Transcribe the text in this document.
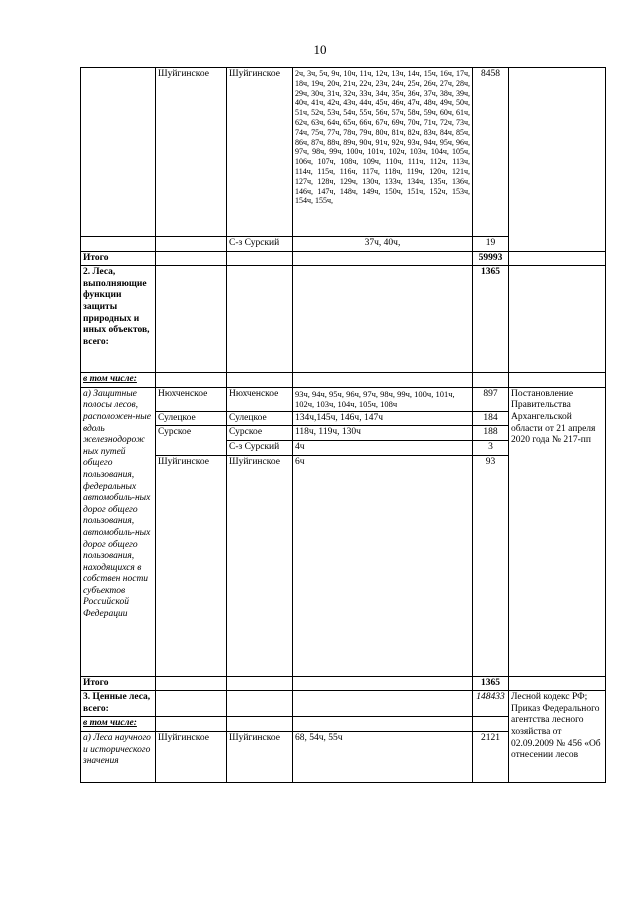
10
	Шуйгинское	Шуйгинское	2ч, 3ч, 5ч, 9ч, 10ч, 11ч, 12ч, 13ч, 14ч, 15ч, 16ч, 17ч, 18ч, 19ч, 20ч, 21ч, 22ч, 23ч, 24ч, 25ч, 26ч, 27ч, 28ч, 29ч, 30ч, 31ч, 32ч, 33ч, 34ч, 35ч, 36ч, 37ч, 38ч, 39ч, 40ч, 41ч, 42ч, 43ч, 44ч, 45ч, 46ч, 47ч, 48ч, 49ч, 50ч, 51ч, 52ч, 53ч, 54ч, 55ч, 56ч, 57ч, 58ч, 59ч, 60ч, 61ч, 62ч, 63ч, 64ч, 65ч, 66ч, 67ч, 69ч, 70ч, 71ч, 72ч, 73ч, 74ч, 75ч, 77ч, 78ч, 79ч, 80ч, 81ч, 82ч, 83ч, 84ч, 85ч, 86ч, 87ч, 88ч, 89ч, 90ч, 91ч, 92ч, 93ч, 94ч, 95ч, 96ч, 97ч, 98ч, 99ч, 100ч, 101ч, 102ч, 103ч, 104ч, 105ч, 106ч, 107ч, 108ч, 109ч, 110ч, 111ч, 112ч, 113ч, 114ч, 115ч, 116ч, 117ч, 118ч, 119ч, 120ч, 121ч, 127ч, 128ч, 129ч, 130ч, 133ч, 134ч, 135ч, 136ч, 146ч, 147ч, 148ч, 149ч, 150ч, 151ч, 152ч, 153ч, 154ч, 155ч,	8458	
		С-з Сурский	37ч, 40ч,	19	
Итого				59993	
2. Леса, выполняющие функции защиты природных и иных объектов, всего:				1365	
в том числе:					
а) Защитные полосы лесов, расположен-ные вдоль железнодорож ных путей общего пользования, федеральных автомобиль-ных дорог общего пользования, автомобиль-ных дорог общего пользования, находящихся в собствен ности субъектов Российской Федерации	Нюхченское	Нюхченское	93ч, 94ч, 95ч, 96ч, 97ч, 98ч, 99ч, 100ч, 101ч, 102ч, 103ч, 104ч, 105ч, 108ч	897	Постановление Правительства Архангельской области от 21 апреля 2020 года № 217-пп
	Сулецкое	Сулецкое	134ч,145ч, 146ч, 147ч	184	
	Сурское	Сурское	118ч, 119ч, 130ч	188	
		С-з Сурский	4ч	3	
	Шуйгинское	Шуйгинское	6ч	93	
Итого				1365	
3. Ценные леса, всего:				148433	Лесной кодекс РФ; Приказ Федерального агентства лесного хозяйства от 02.09.2009 № 456 «Об отнесении лесов
в том числе:					
а) Леса научного и исторического значения	Шуйгинское	Шуйгинское	68, 54ч, 55ч	2121	
